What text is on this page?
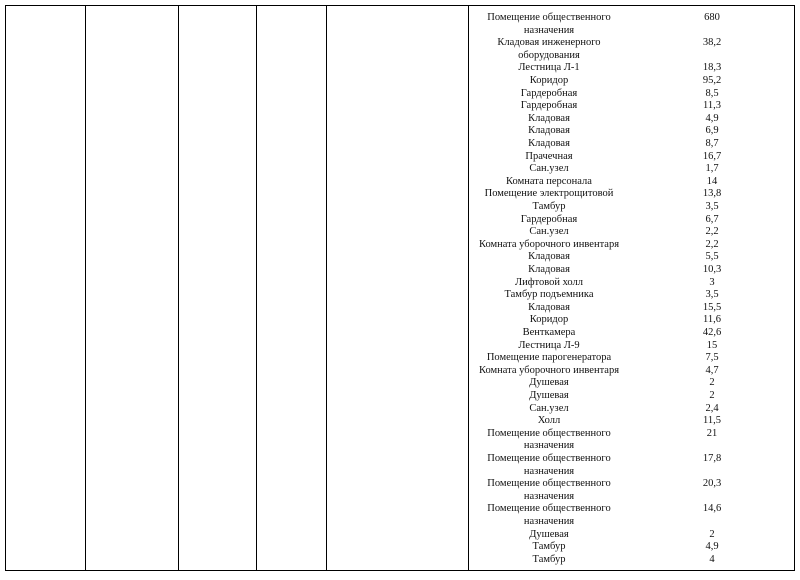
Помещение общественного назначения
Кладовая инженерного оборудования
Лестница Л-1
Коридор
Гардеробная
Гардеробная
Кладовая
Кладовая
Кладовая
Прачечная
Сан.узел
Комната персонала
Помещение электрощитовой
Тамбур
Гардеробная
Сан.узел
Комната уборочного инвентаря
Кладовая
Кладовая
Лифтовой холл
Тамбур подъемника
Кладовая
Коридор
Венткамера
Лестница Л-9
Помещение парогенератора
Комната уборочного инвентаря
Душевая
Душевая
Сан.узел
Холл
Помещение общественного назначения
Помещение общественного назначения
Помещение общественного назначения
Помещение общественного назначения
Душевая
Тамбур
Тамбур
680
38,2
18,3
95,2
8,5
11,3
4,9
6,9
8,7
16,7
1,7
14
13,8
3,5
6,7
2,2
2,2
5,5
10,3
3
3,5
15,5
11,6
42,6
15
7,5
4,7
2
2
2,4
11,5
21
17,8
20,3
14,6
2
4,9
4
